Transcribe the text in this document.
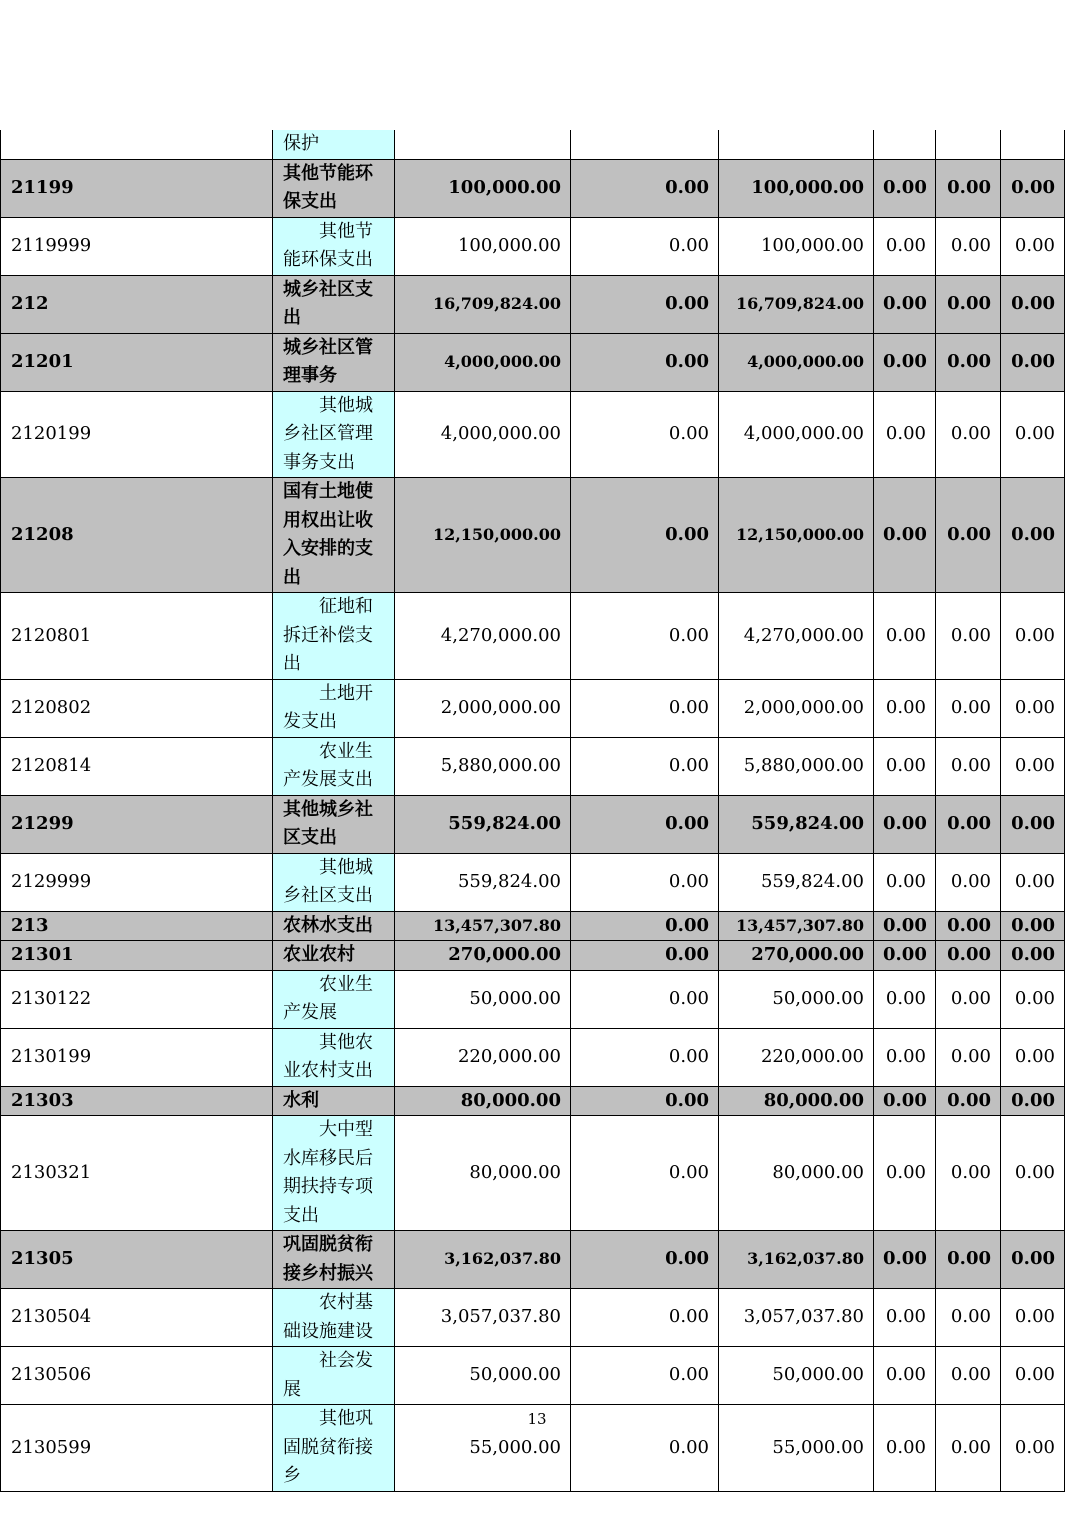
	保护						
21199	其他节能环保支出	100,000.00	0.00	100,000.00	0.00	0.00	0.00
2119999	其他节能环保支出	100,000.00	0.00	100,000.00	0.00	0.00	0.00
212	城乡社区支出	16,709,824.00	0.00	16,709,824.00	0.00	0.00	0.00
21201	城乡社区管理事务	4,000,000.00	0.00	4,000,000.00	0.00	0.00	0.00
2120199	其他城乡社区管理事务支出	4,000,000.00	0.00	4,000,000.00	0.00	0.00	0.00
21208	国有土地使用权出让收入安排的支出	12,150,000.00	0.00	12,150,000.00	0.00	0.00	0.00
2120801	征地和拆迁补偿支出	4,270,000.00	0.00	4,270,000.00	0.00	0.00	0.00
2120802	土地开发支出	2,000,000.00	0.00	2,000,000.00	0.00	0.00	0.00
2120814	农业生产发展支出	5,880,000.00	0.00	5,880,000.00	0.00	0.00	0.00
21299	其他城乡社区支出	559,824.00	0.00	559,824.00	0.00	0.00	0.00
2129999	其他城乡社区支出	559,824.00	0.00	559,824.00	0.00	0.00	0.00
213	农林水支出	13,457,307.80	0.00	13,457,307.80	0.00	0.00	0.00
21301	农业农村	270,000.00	0.00	270,000.00	0.00	0.00	0.00
2130122	农业生产发展	50,000.00	0.00	50,000.00	0.00	0.00	0.00
2130199	其他农业农村支出	220,000.00	0.00	220,000.00	0.00	0.00	0.00
21303	水利	80,000.00	0.00	80,000.00	0.00	0.00	0.00
2130321	大中型水库移民后期扶持专项支出	80,000.00	0.00	80,000.00	0.00	0.00	0.00
21305	巩固脱贫衔接乡村振兴	3,162,037.80	0.00	3,162,037.80	0.00	0.00	0.00
2130504	农村基础设施建设	3,057,037.80	0.00	3,057,037.80	0.00	0.00	0.00
2130506	社会发展	50,000.00	0.00	50,000.00	0.00	0.00	0.00
2130599	其他巩固脱贫衔接乡	55,000.00	0.00	55,000.00	0.00	0.00	0.00
13
